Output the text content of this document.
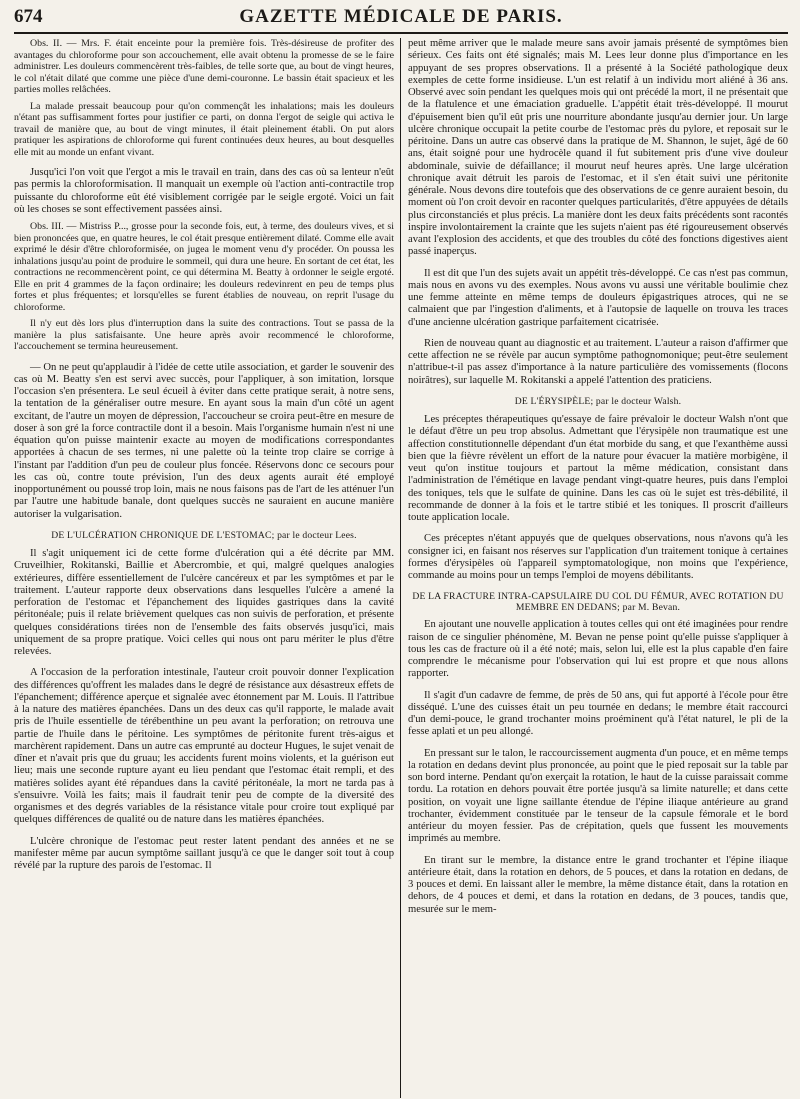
674	GAZETTE MÉDICALE DE PARIS.

Obs. II. — Mrs. F. était enceinte pour la première fois. Très-désireuse de profiter des avantages du chloroforme pour son accouchement, elle avait obtenu la promesse de se le faire administrer. Les douleurs commencèrent très-faibles, de telle sorte que, au bout de vingt heures, le col n'était dilaté que comme une pièce d'une demi-couronne. Le bassin était spacieux et les parties molles relâchées.

La malade pressait beaucoup pour qu'on commençât les inhalations; mais les douleurs n'étant pas suffisamment fortes pour justifier ce parti, on donna l'ergot de seigle qui activa le travail de manière que, au bout de vingt minutes, il était pleinement établi. On put alors pratiquer les aspirations de chloroforme qui furent continuées deux heures, au bout desquelles elle mit au monde un enfant vivant.

Jusqu'ici l'on voit que l'ergot a mis le travail en train, dans des cas où sa lenteur n'eût pas permis la chloroformisation. Il manquait un exemple où l'action anti-contractile trop puissante du chloroforme eût été visiblement corrigée par le seigle ergoté. Voici un fait où les choses se sont effectivement passées ainsi.

Obs. III. — Mistriss P..., grosse pour la seconde fois, eut, à terme, des douleurs vives, et si bien prononcées que, en quatre heures, le col était presque entièrement dilaté. Comme elle avait exprimé le désir d'être chloroformisée, on jugea le moment venu d'y procéder. On poussa les inhalations jusqu'au point de produire le sommeil, qui dura une heure. En sortant de cet état, les contractions ne recommencèrent point, ce qui détermina M. Beatty à ordonner le seigle ergoté. Elle en prit 4 grammes de la façon ordinaire; les douleurs redevinrent en peu de temps plus fortes et plus fréquentes; et lorsqu'elles se furent établies de nouveau, on reprit l'usage du chloroforme.

Il n'y eut dès lors plus d'interruption dans la suite des contractions. Tout se passa de la manière la plus satisfaisante. Une heure après avoir recommencé le chloroforme, l'accouchement se termina heureusement.

— On ne peut qu'applaudir à l'idée de cette utile association, et garder le souvenir des cas où M. Beatty s'en est servi avec succès, pour l'appliquer, à son imitation, lorsque l'occasion s'en présentera. Le seul écueil à éviter dans cette pratique serait, à notre sens, la tentation de la généraliser outre mesure. En ayant sous la main d'un côté un agent excitant, de l'autre un moyen de dépression, l'accoucheur se croira peut-être en mesure de doser à son gré la force contractile dont il a besoin. Mais l'organisme humain n'est ni une équation qu'on puisse maintenir exacte au moyen de modifications correspondantes apportées à chacun de ses termes, ni une palette où la teinte trop claire se corrige à l'instant par l'addition d'un peu de couleur plus foncée. Réservons donc ce secours pour les cas où, contre toute prévision, l'un des deux agents aurait été employé inopportunément ou poussé trop loin, mais ne nous faisons pas de l'art de les atténuer l'un par l'autre une habitude banale, dont quelques succès ne sauraient en aucune manière autoriser la vulgarisation.

DE L'ULCÉRATION CHRONIQUE DE L'ESTOMAC; par le docteur Lees.

Il s'agit uniquement ici de cette forme d'ulcération qui a été décrite par MM. Cruveilhier, Rokitanski, Baillie et Abercrombie, et qui, malgré quelques analogies extérieures, diffère essentiellement de l'ulcère cancéreux et par les symptômes et par le traitement. L'auteur rapporte deux observations dans lesquelles l'ulcère a amené la perforation de l'estomac et l'épanchement des liquides gastriques dans la cavité péritonéale; puis il relate brièvement quelques cas non suivis de perforation, et présente quelques considérations tirées non de l'ensemble des faits observés jusqu'ici, mais uniquement de sa propre pratique. Voici celles qui nous ont paru mériter le plus d'être relevées.

A l'occasion de la perforation intestinale, l'auteur croit pouvoir donner l'explication des différences qu'offrent les malades dans le degré de résistance aux désastreux effets de l'épanchement; différence aperçue et signalée avec étonnement par M. Louis. Il l'attribue à la nature des matières épanchées. Dans un des deux cas qu'il rapporte, le malade avait pris de l'huile essentielle de térébenthine un peu avant la perforation; on retrouva une partie de l'huile dans le péritoine. Les symptômes de péritonite furent très-aigus et marchèrent rapidement. Dans un autre cas emprunté au docteur Hugues, le sujet venait de dîner et n'avait pris que du gruau; les accidents furent moins violents, et la guérison eut lieu; mais une seconde rupture ayant eu lieu pendant que l'estomac était rempli, et des matières solides ayant été répandues dans la cavité péritonéale, la mort ne tarda pas à s'ensuivre. Voilà les faits; mais il faudrait tenir peu de compte de la diversité des organismes et des degrés variables de la résistance vitale pour croire tout expliqué par quelques différences de qualité ou de nature dans les matières épanchées.

L'ulcère chronique de l'estomac peut rester latent pendant des années et ne se manifester même par aucun symptôme saillant jusqu'à ce que le danger soit tout à coup révélé par la rupture des parois de l'estomac. Il

peut même arriver que le malade meure sans avoir jamais présenté de symptômes bien sérieux. Ces faits ont été signalés; mais M. Lees leur donne plus d'importance en les appuyant de ses propres observations. Il a présenté à la Société pathologique deux exemples de cette forme insidieuse. L'un est relatif à un individu mort aliéné à 36 ans. Observé avec soin pendant les quelques mois qui ont précédé la mort, il ne présentait que de la flatulence et une émaciation graduelle. L'appétit était très-développé. Il mourut d'épuisement bien qu'il eût pris une nourriture abondante jusqu'au dernier jour. Un large ulcère chronique occupait la petite courbe de l'estomac près du pylore, et reposait sur le péritoine. Dans un autre cas observé dans la pratique de M. Shannon, le sujet, âgé de 60 ans, était soigné pour une hydrocèle quand il fut subitement pris d'une vive douleur abdominale, suivie de défaillance; il mourut neuf heures après. Une large ulcération chronique avait détruit les parois de l'estomac, et il s'en était suivi une péritonite générale. Nous devons dire toutefois que des observations de ce genre auraient besoin, du moment où l'on croit devoir en raconter quelques particularités, d'être appuyées de détails plus circonstanciés et plus précis. La manière dont les deux faits précédents sont racontés inspire involontairement la crainte que les sujets n'aient pas été rigoureusement observés avant l'explosion des accidents, et que des troubles du côté des fonctions digestives aient passé inaperçus.

Il est dit que l'un des sujets avait un appétit très-développé. Ce cas n'est pas commun, mais nous en avons vu des exemples. Nous avons vu aussi une véritable boulimie chez une femme atteinte en même temps de douleurs épigastriques atroces, qui ne se calmaient que par l'ingestion d'aliments, et à l'autopsie de laquelle on trouva les traces d'une ancienne ulcération gastrique parfaitement cicatrisée.

Rien de nouveau quant au diagnostic et au traitement. L'auteur a raison d'affirmer que cette affection ne se révèle par aucun symptôme pathognomonique; peut-être seulement n'attribue-t-il pas assez d'importance à la nature particulière des vomissements (flocons noirâtres), sur laquelle M. Rokitanski a appelé l'attention des praticiens.

DE L'ÉRYSIPÈLE; par le docteur Walsh.

Les préceptes thérapeutiques qu'essaye de faire prévaloir le docteur Walsh n'ont que le défaut d'être un peu trop absolus. Admettant que l'érysipèle non traumatique est une affection constitutionnelle dépendant d'un état morbide du sang, et que l'exanthème aussi bien que la fièvre révèlent un effort de la nature pour évacuer la matière morbigène, il veut qu'on institue toujours et partout la même médication, consistant dans l'administration de l'émétique en lavage pendant vingt-quatre heures, puis dans l'emploi des toniques, tels que le sulfate de quinine. Dans les cas où le sujet est très-débilité, il recommande de donner à la fois et le tartre stibié et les toniques. Il proscrit d'ailleurs toute application locale.

Ces préceptes n'étant appuyés que de quelques observations, nous n'avons qu'à les consigner ici, en faisant nos réserves sur l'application d'un traitement tonique à certaines formes d'érysipèles où l'appareil symptomatologique, non moins que l'expérience, commande au moins pour un temps l'emploi de moyens débilitants.

DE LA FRACTURE INTRA-CAPSULAIRE DU COL DU FÉMUR, AVEC ROTATION DU MEMBRE EN DEDANS; par M. Bevan.

En ajoutant une nouvelle application à toutes celles qui ont été imaginées pour rendre raison de ce singulier phénomène, M. Bevan ne pense point qu'elle puisse s'appliquer à tous les cas de fracture où il a été noté; mais, selon lui, elle est la plus capable d'en faire comprendre le mécanisme pour l'observation qui lui est propre et que nous allons rapporter.

Il s'agit d'un cadavre de femme, de près de 50 ans, qui fut apporté à l'école pour être disséqué. L'une des cuisses était un peu tournée en dedans; le membre était raccourci d'un demi-pouce, le grand trochanter moins proéminent qu'à l'état naturel, le pli de la fesse aplati et un peu allongé.

En pressant sur le talon, le raccourcissement augmenta d'un pouce, et en même temps la rotation en dedans devint plus prononcée, au point que le pied reposait sur la table par son bord interne. Pendant qu'on exerçait la rotation, le haut de la cuisse paraissait comme tordu. La rotation en dehors pouvait être portée jusqu'à sa limite naturelle; et dans cette position, on voyait une ligne saillante étendue de l'épine iliaque antérieure au grand trochanter, évidemment constituée par le tenseur de la capsule fémorale et le bord antérieur du moyen fessier. Pas de crépitation, quels que fussent les mouvements imprimés au membre.

En tirant sur le membre, la distance entre le grand trochanter et l'épine iliaque antérieure était, dans la rotation en dehors, de 5 pouces, et dans la rotation en dedans, de 3 pouces et demi. En laissant aller le membre, la même distance était, dans la rotation en dehors, de 4 pouces et demi, et dans la rotation en dedans, de 3 pouces, tandis que, mesurée sur le mem-
